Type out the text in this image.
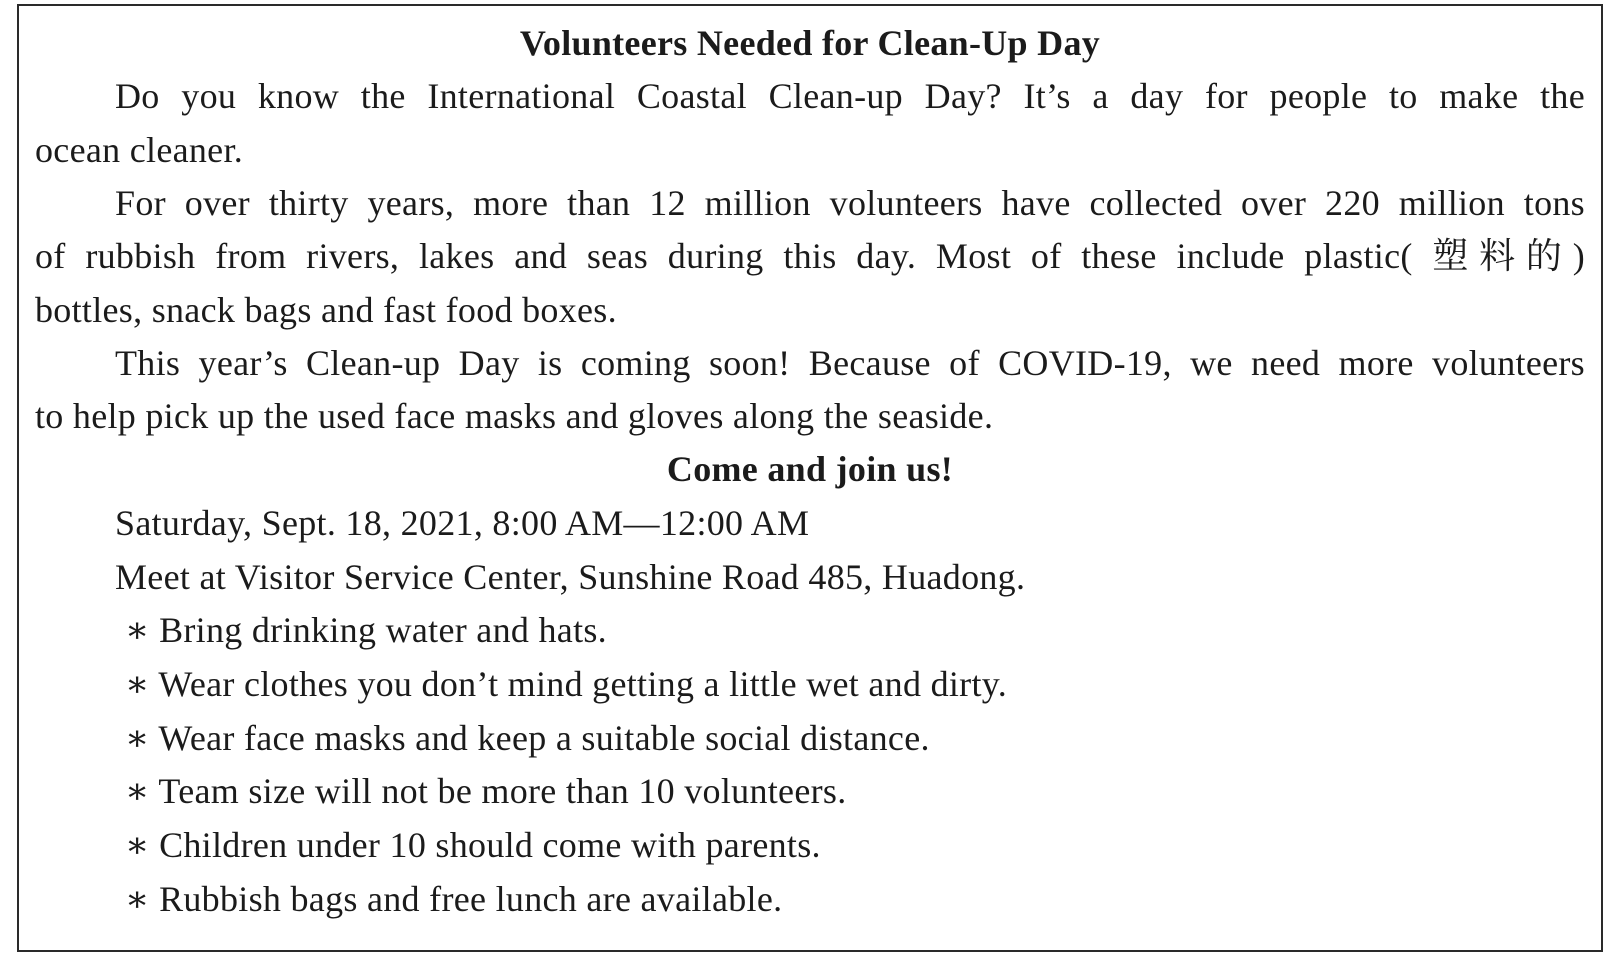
Volunteers Needed for Clean-Up Day
Do you know the International Coastal Clean-up Day? It’s a day for people to make the
ocean cleaner.
For over thirty years, more than 12 million volunteers have collected over 220 million tons
of rubbish from rivers, lakes and seas during this day. Most of these include plastic( 塑料的)
bottles, snack bags and fast food boxes.
This year’s Clean-up Day is coming soon! Because of COVID-19, we need more volunteers
to help pick up the used face masks and gloves along the seaside.
Come and join us!
Saturday, Sept. 18, 2021, 8:00 AM—12:00 AM
Meet at Visitor Service Center, Sunshine Road 485, Huadong.
∗ Bring drinking water and hats.
∗ Wear clothes you don’t mind getting a little wet and dirty.
∗ Wear face masks and keep a suitable social distance.
∗ Team size will not be more than 10 volunteers.
∗ Children under 10 should come with parents.
∗ Rubbish bags and free lunch are available.
